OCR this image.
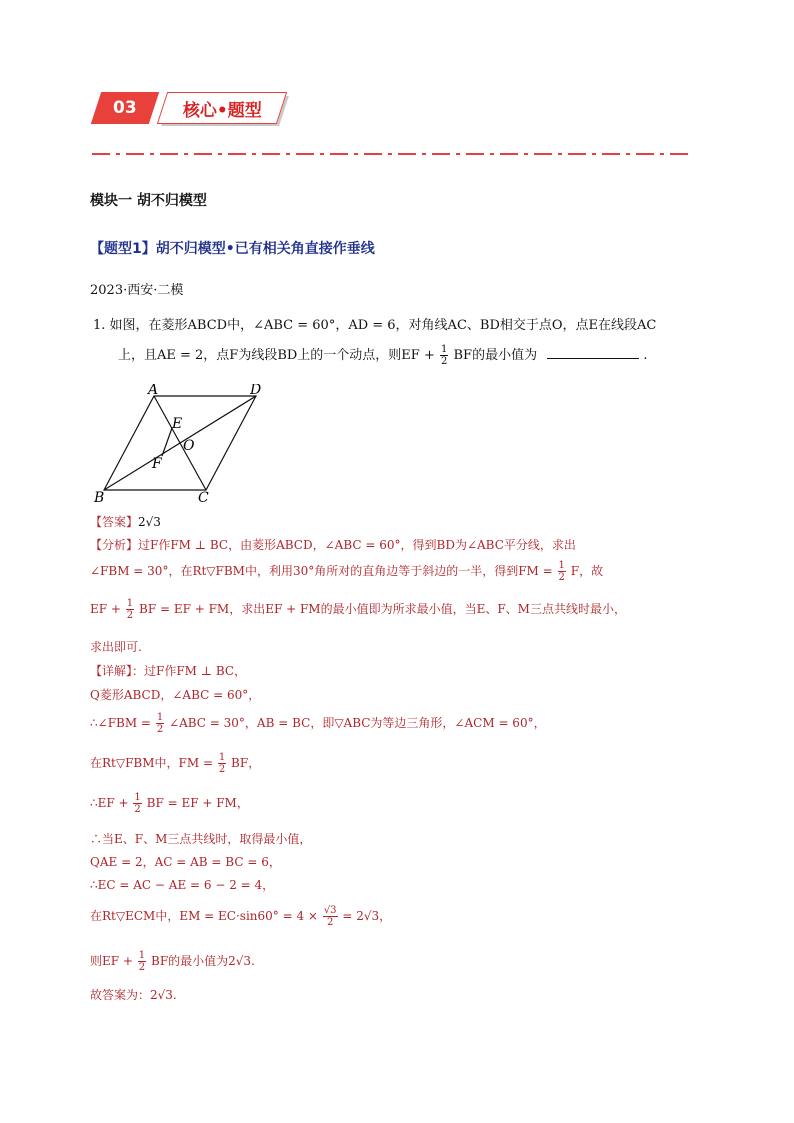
03	核心•题型
模块一 胡不归模型
【题型1】胡不归模型•已有相关角直接作垂线
2023·西安·二模
1. 如图，在菱形ABCD中，∠ABC = 60°，AD = 6，对角线AC、BD相交于点O，点E在线段AC
上，且AE = 2，点F为线段BD上的一个动点，则EF + $\frac{1}{2}$ BF的最小值为	.
A	D
E
O
F
B	C
【答案】2√3
【分析】过F作FM ⊥ BC，由菱形ABCD，∠ABC = 60°，得到BD为∠ABC平分线，求出
∠FBM = 30°，在Rt▽FBM中，利用30°角所对的直角边等于斜边的一半，得到FM = $\frac{1}{2}$ F，故
EF + $\frac{1}{2}$ BF = EF + FM，求出EF + FM的最小值即为所求最小值，当E、F、M三点共线时最小，
求出即可.
【详解】：过F作FM ⊥ BC，
Q菱形ABCD，∠ABC = 60°，
∴∠FBM = $\frac{1}{2}$ ∠ABC = 30°，AB = BC，即▽ABC为等边三角形，∠ACM = 60°，
在Rt▽FBM中，FM = $\frac{1}{2}$ BF，
∴EF + $\frac{1}{2}$ BF = EF + FM，
∴当E、F、M三点共线时，取得最小值，
QAE = 2，AC = AB = BC = 6，
∴EC = AC − AE = 6 − 2 = 4，
在Rt▽ECM中，EM = $EC\cdot\sin 60^\circ = 4 \times \frac{√3}{2} = 2√3$，
则EF + $\frac{1}{2}$ BF的最小值为2√3.
故答案为：2√3.
